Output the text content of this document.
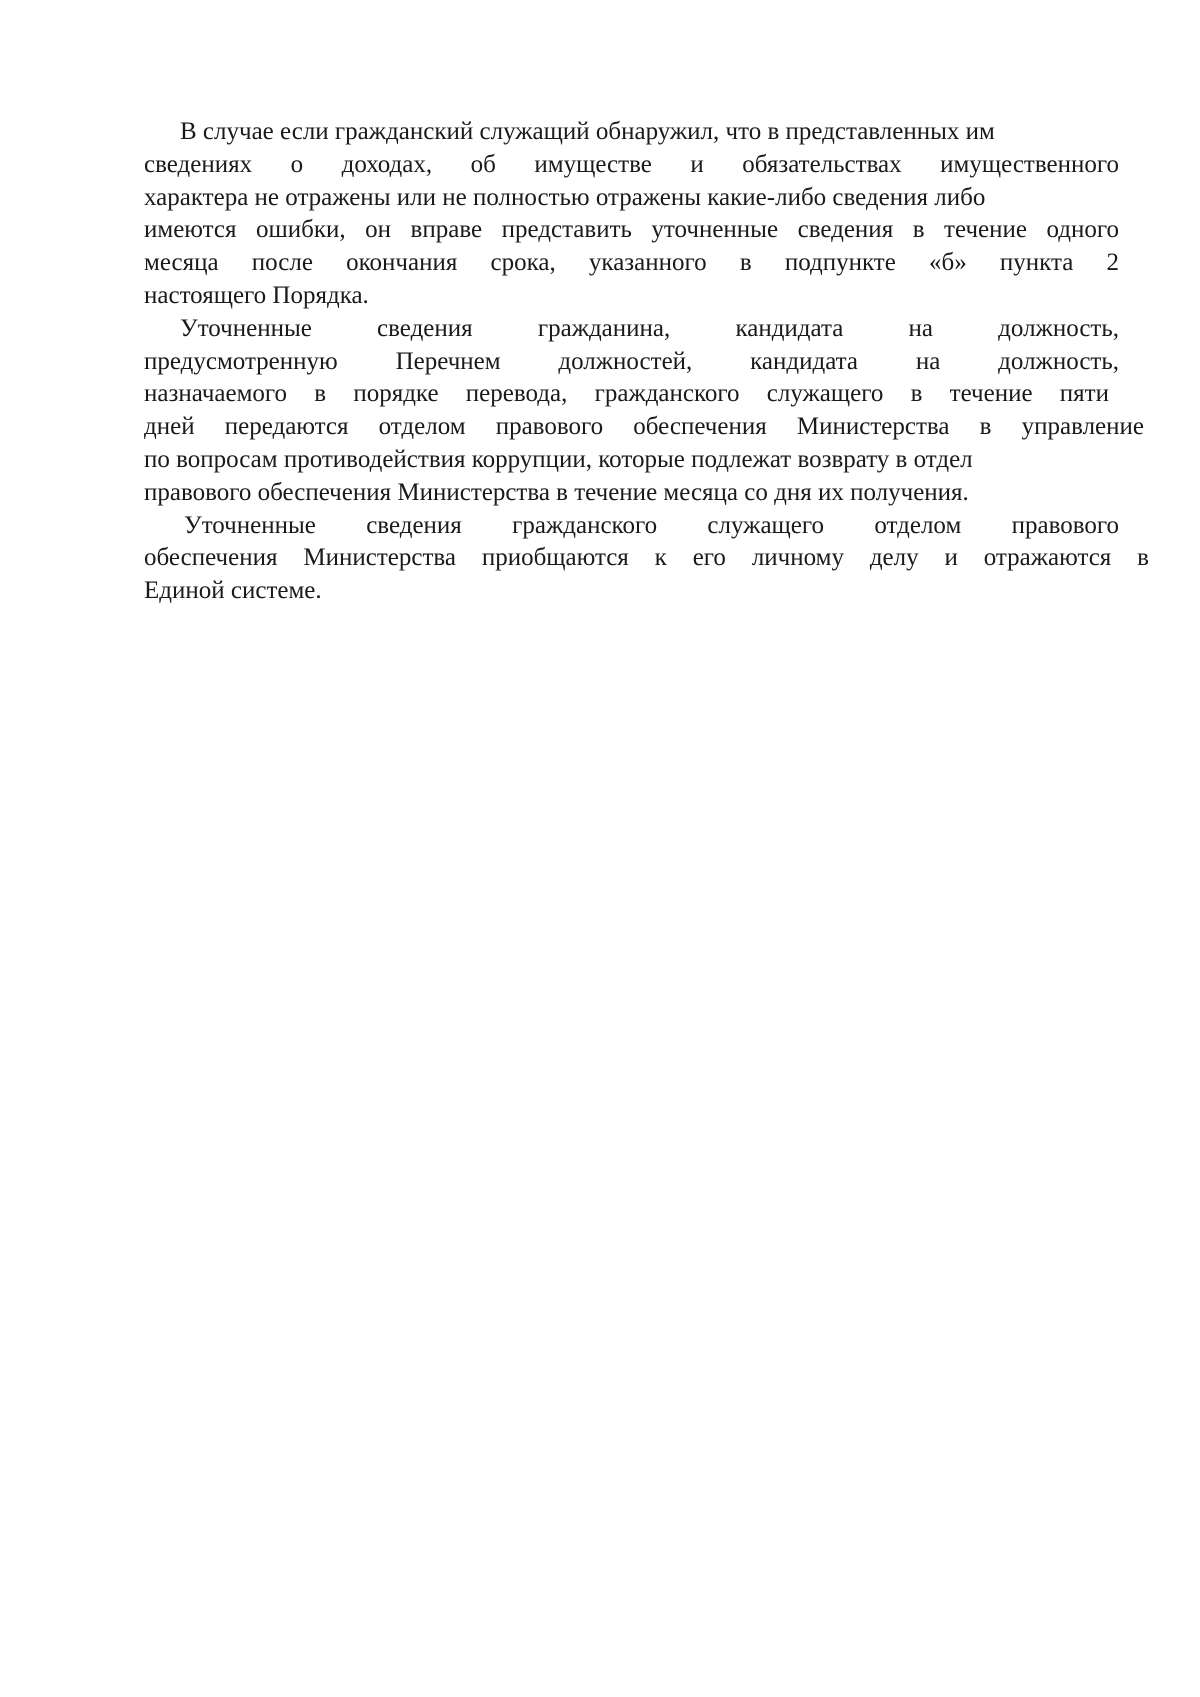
В случае если гражданский служащий обнаружил, что в представленных им
сведениях о доходах, об имуществе и обязательствах имущественного
характера не отражены или не полностью отражены какие-либо сведения либо
имеются ошибки, он вправе представить уточненные сведения в течение одного
месяца после окончания срока, указанного в подпункте «б» пункта 2
настоящего Порядка.
Уточненные сведения гражданина, кандидата на должность,
предусмотренную Перечнем должностей, кандидата на должность,
назначаемого в порядке перевода, гражданского служащего в течение пяти
дней передаются отделом правового обеспечения Министерства в управление
по вопросам противодействия коррупции, которые подлежат возврату в отдел
правового обеспечения Министерства в течение месяца со дня их получения.
Уточненные сведения гражданского служащего отделом правового
обеспечения Министерства приобщаются к его личному делу и отражаются в
Единой системе.
